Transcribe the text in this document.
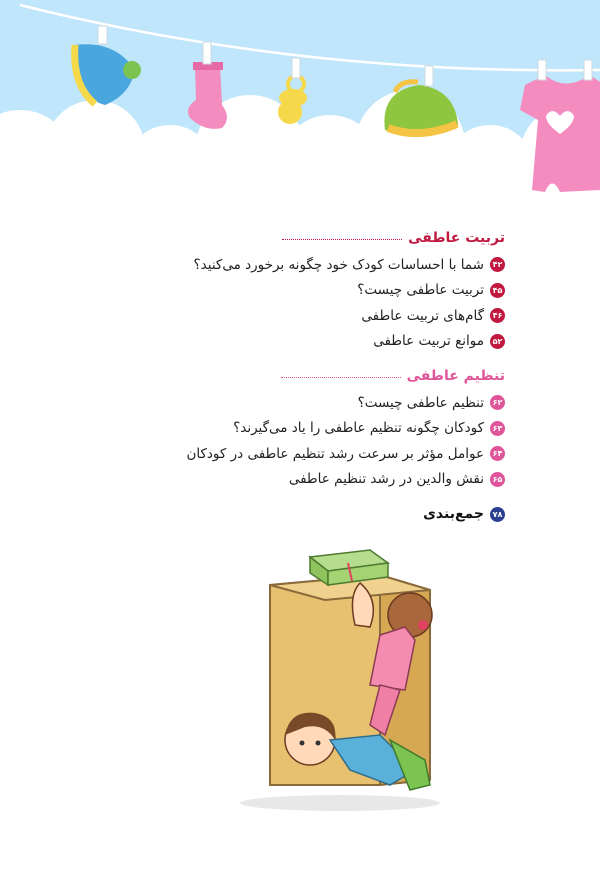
تربیت عاطفی
۴۲
شما با احساسات کودک خود چگونه برخورد می‌کنید؟
۴۵
تربیت عاطفی چیست؟
۴۶
گام‌های تربیت عاطفی
۵۲
موانع تربیت عاطفی
تنظیم عاطفی
۶۲
تنظیم عاطفی چیست؟
۶۳
کودکان چگونه تنظیم عاطفی را یاد می‌گیرند؟
۶۴
عوامل مؤثر بر سرعت رشد تنظیم عاطفی در کودکان
۶۵
نقش والدین در رشد تنظیم عاطفی
۷۸
جمع‌بندی
